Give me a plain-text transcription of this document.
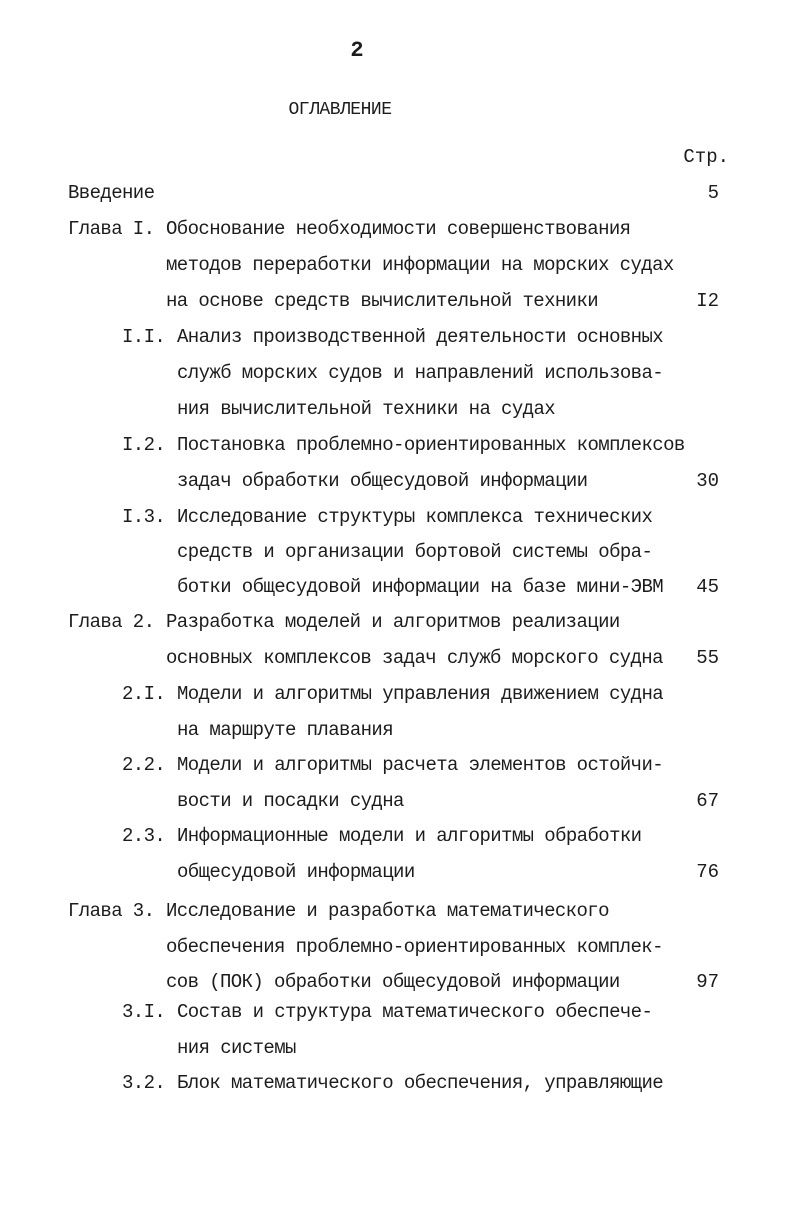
2
ОГЛАВЛЕНИЕ
Стр.
Введение	5
Глава I. Обоснование необходимости совершенствования
методов переработки информации на морских судах
на основе средств вычислительной техники	I2
I.I. Анализ производственной деятельности основных
служб морских судов и направлений использова-
ния вычислительной техники на судах
I.2. Постановка проблемно-ориентированных комплексов
задач обработки общесудовой информации	30
I.3. Исследование структуры комплекса технических
средств и организации бортовой системы обра-
ботки общесудовой информации на базе мини-ЭВМ 45
Глава 2. Разработка моделей и алгоритмов реализации
основных комплексов задач служб морского судна 55
2.I. Модели и алгоритмы управления движением судна
на маршруте плавания
2.2. Модели и алгоритмы расчета элементов остойчи-
вости и посадки судна	67
2.3. Информационные модели и алгоритмы обработки
общесудовой информации	76
Глава 3. Исследование и разработка математического
обеспечения проблемно-ориентированных комплек-
сов (ПОК) обработки общесудовой информации	97
3.I. Состав и структура математического обеспече-
ния системы
3.2. Блок математического обеспечения, управляющие
